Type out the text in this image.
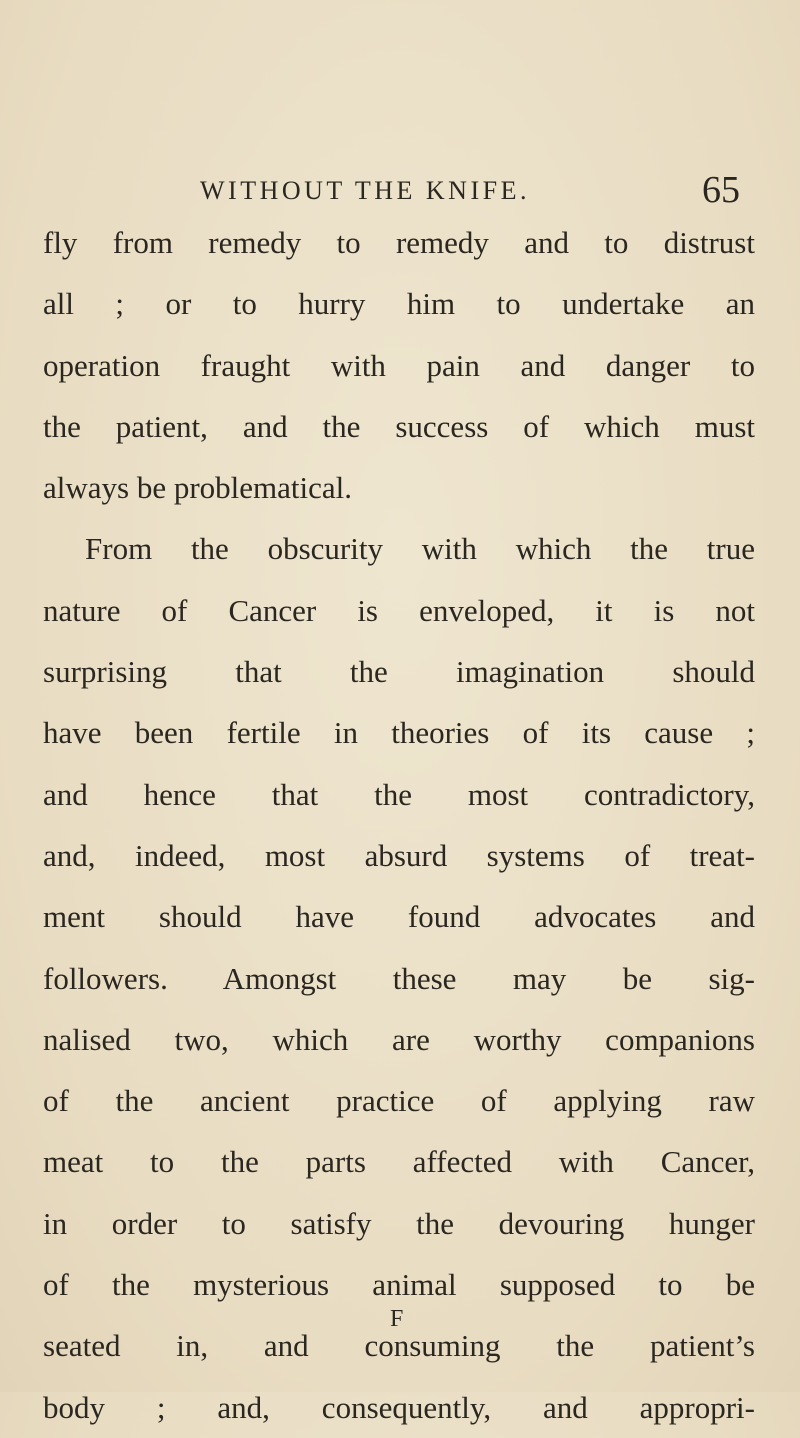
WITHOUT THE KNIFE.	65
fly from remedy to remedy and to distrust
all ; or to hurry him to undertake an
operation fraught with pain and danger to
the patient, and the success of which must
always be problematical.
From the obscurity with which the true
nature of Cancer is enveloped, it is not
surprising that the imagination should
have been fertile in theories of its cause ;
and hence that the most contradictory,
and, indeed, most absurd systems of treat-
ment should have found advocates and
followers. Amongst these may be sig-
nalised two, which are worthy companions
of the ancient practice of applying raw
meat to the parts affected with Cancer,
in order to satisfy the devouring hunger
of the mysterious animal supposed to be
seated in, and consuming the patient’s
body ; and, consequently, and appropri-
F
